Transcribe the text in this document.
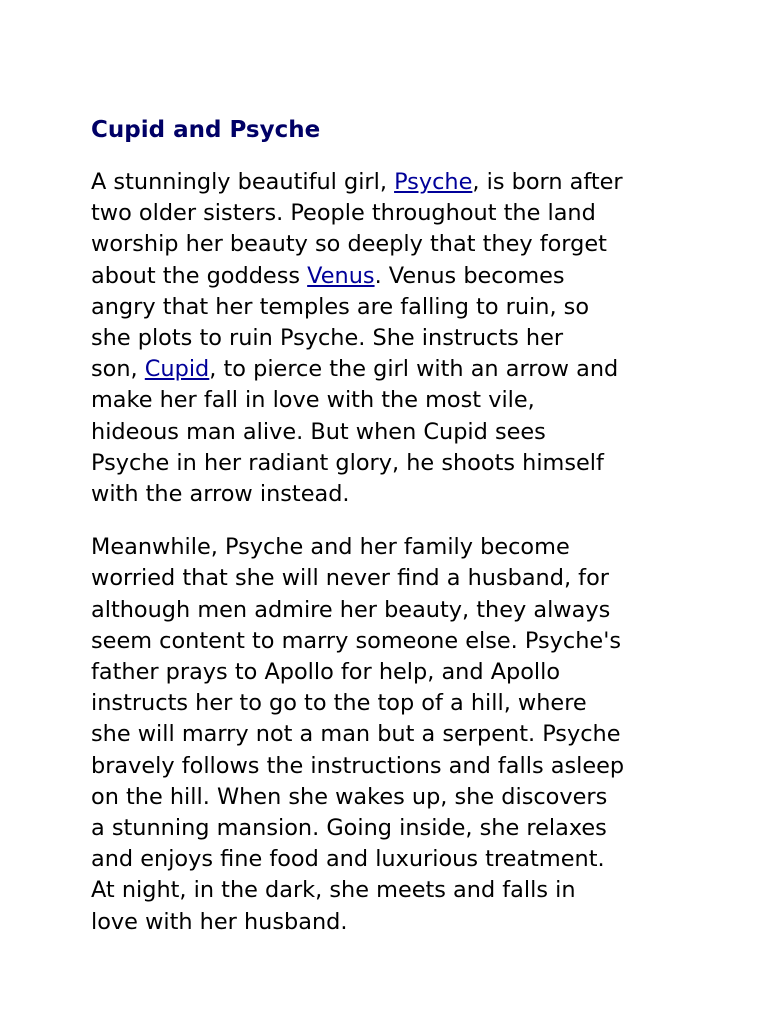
Cupid and Psyche

A stunningly beautiful girl, Psyche, is born after
two older sisters. People throughout the land
worship her beauty so deeply that they forget
about the goddess Venus. Venus becomes
angry that her temples are falling to ruin, so
she plots to ruin Psyche. She instructs her
son, Cupid, to pierce the girl with an arrow and
make her fall in love with the most vile,
hideous man alive. But when Cupid sees
Psyche in her radiant glory, he shoots himself
with the arrow instead.

Meanwhile, Psyche and her family become
worried that she will never find a husband, for
although men admire her beauty, they always
seem content to marry someone else. Psyche's
father prays to Apollo for help, and Apollo
instructs her to go to the top of a hill, where
she will marry not a man but a serpent. Psyche
bravely follows the instructions and falls asleep
on the hill. When she wakes up, she discovers
a stunning mansion. Going inside, she relaxes
and enjoys fine food and luxurious treatment.
At night, in the dark, she meets and falls in
love with her husband.
